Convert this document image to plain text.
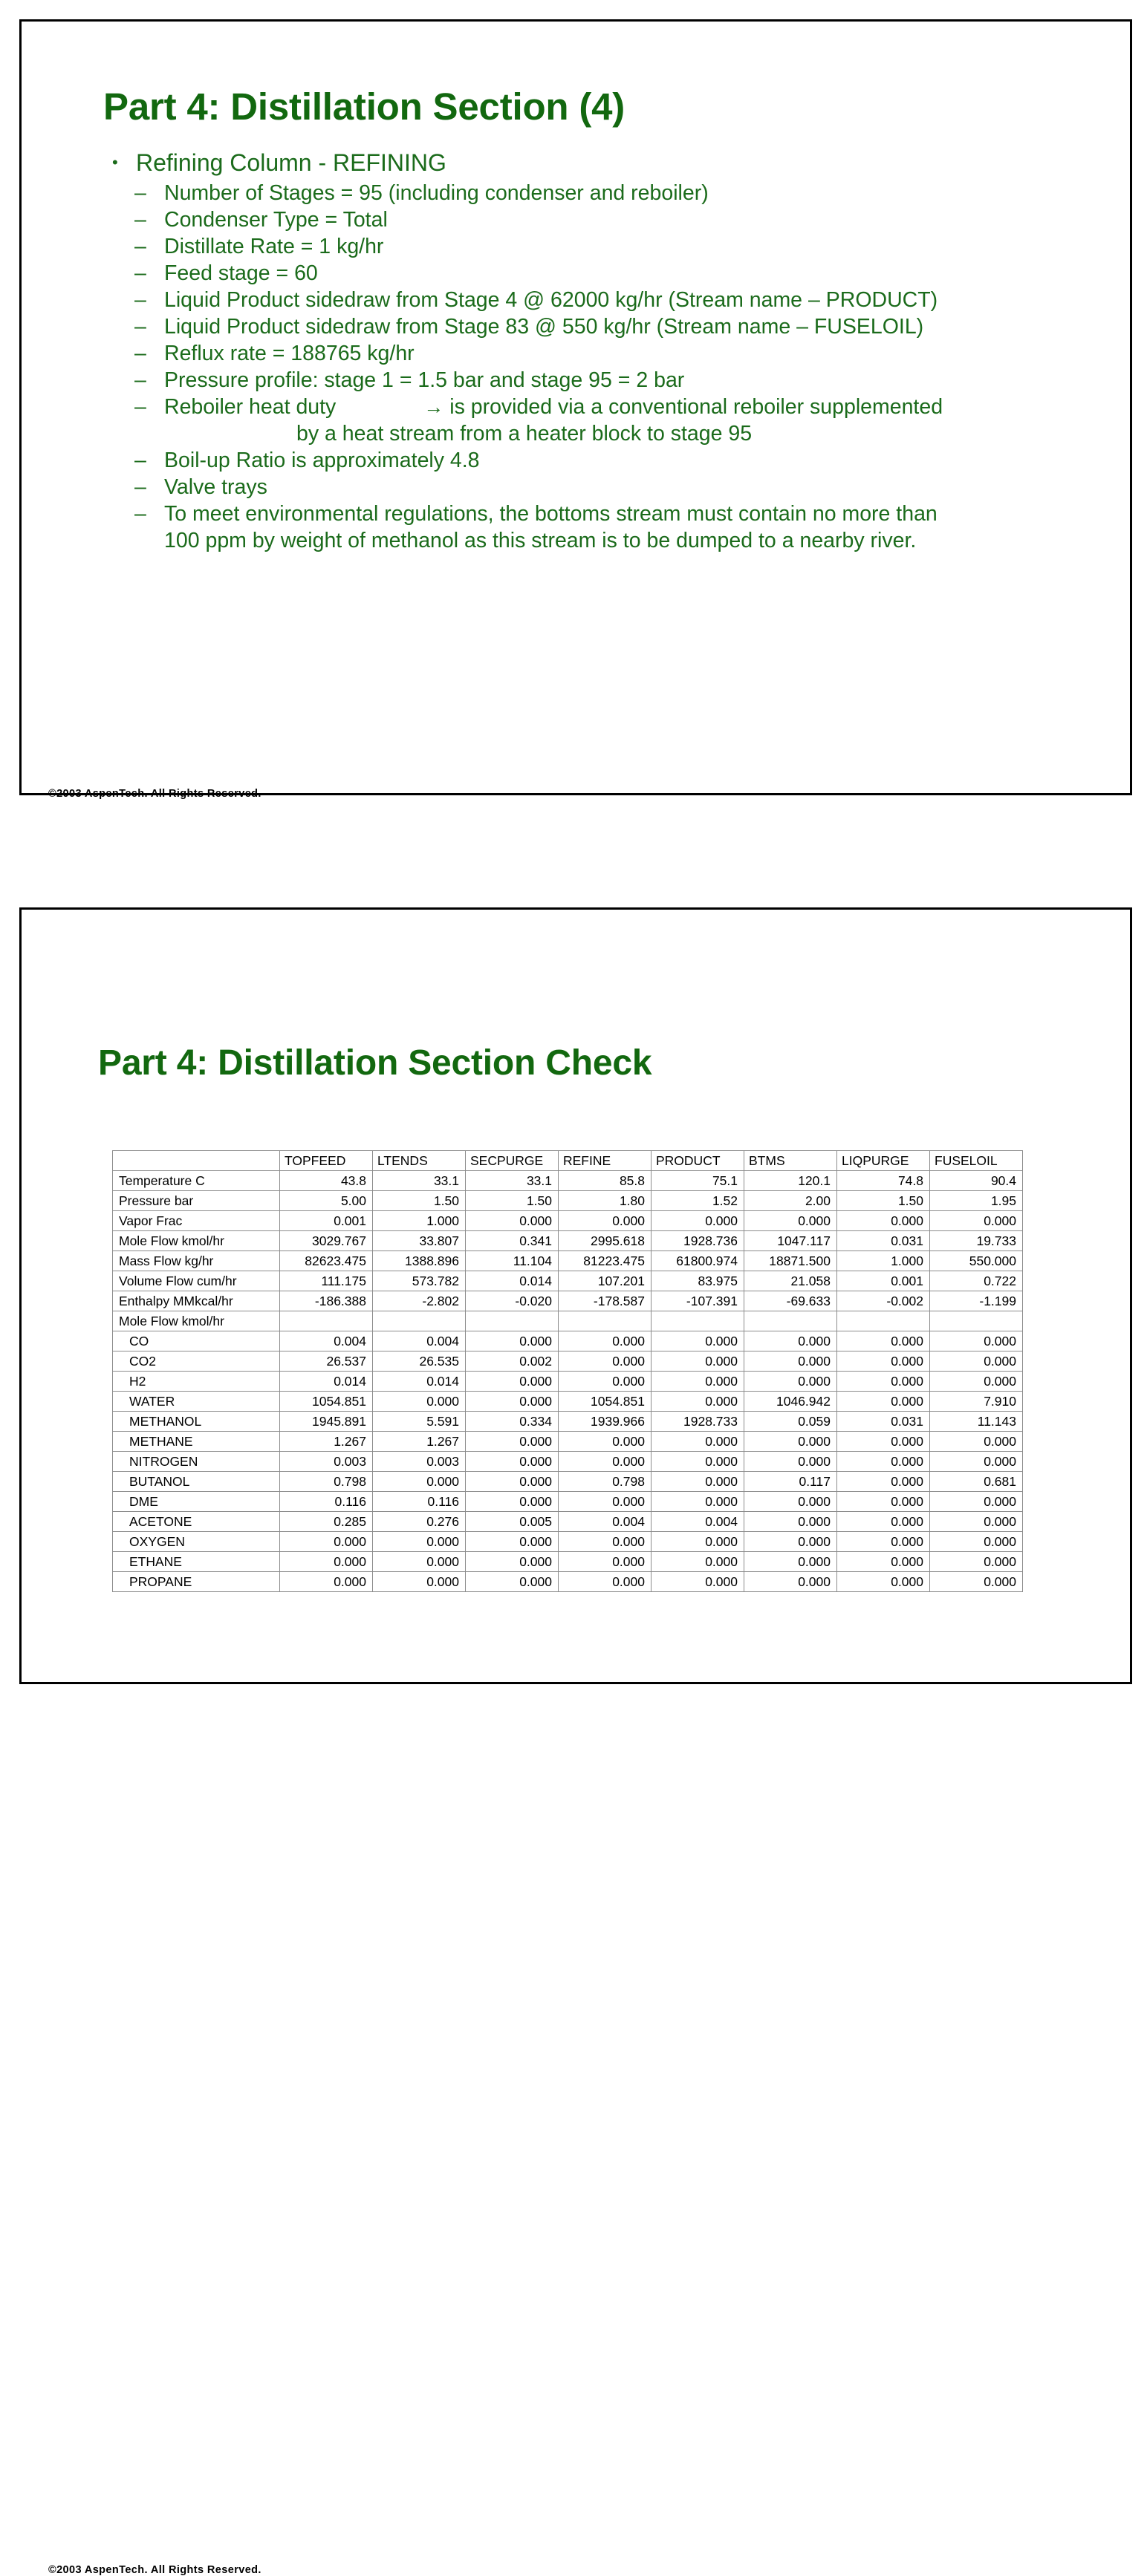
Part 4: Distillation Section (4)
• Refining Column - REFINING
– Number of Stages = 95 (including condenser and reboiler)
– Condenser Type = Total
– Distillate Rate = 1 kg/hr
– Feed stage = 60
– Liquid Product sidedraw from Stage 4 @ 62000 kg/hr (Stream name – PRODUCT)
– Liquid Product sidedraw from Stage 83 @ 550 kg/hr (Stream name – FUSELOIL)
– Reflux rate = 188765 kg/hr
– Pressure profile: stage 1 = 1.5 bar and stage 95 = 2 bar
– Reboiler heat duty	→ is provided via a conventional reboiler supplemented
by a heat stream from a heater block to stage 95
– Boil-up Ratio is approximately 4.8
– Valve trays
– To meet environmental regulations, the bottoms stream must contain no more than
100 ppm by weight of methanol as this stream is to be dumped to a nearby river.
©2003 AspenTech. All Rights Reserved.
©2003 AspenTech. All Rights Reserved.
Part 4: Distillation Section Check
	TOPFEED	LTENDS	SECPURGE	REFINE	PRODUCT	BTMS	LIQPURGE	FUSELOIL
Temperature C	43.8	33.1	33.1	85.8	75.1	120.1	74.8	90.4
Pressure bar	5.00	1.50	1.50	1.80	1.52	2.00	1.50	1.95
Vapor Frac	0.001	1.000	0.000	0.000	0.000	0.000	0.000	0.000
Mole Flow kmol/hr	3029.767	33.807	0.341	2995.618	1928.736	1047.117	0.031	19.733
Mass Flow kg/hr	82623.475	1388.896	11.104	81223.475	61800.974	18871.500	1.000	550.000
Volume Flow cum/hr	111.175	573.782	0.014	107.201	83.975	21.058	0.001	0.722
Enthalpy MMkcal/hr	-186.388	-2.802	-0.020	-178.587	-107.391	-69.633	-0.002	-1.199
Mole Flow kmol/hr								
CO	0.004	0.004	0.000	0.000	0.000	0.000	0.000	0.000
CO2	26.537	26.535	0.002	0.000	0.000	0.000	0.000	0.000
H2	0.014	0.014	0.000	0.000	0.000	0.000	0.000	0.000
WATER	1054.851	0.000	0.000	1054.851	0.000	1046.942	0.000	7.910
METHANOL	1945.891	5.591	0.334	1939.966	1928.733	0.059	0.031	11.143
METHANE	1.267	1.267	0.000	0.000	0.000	0.000	0.000	0.000
NITROGEN	0.003	0.003	0.000	0.000	0.000	0.000	0.000	0.000
BUTANOL	0.798	0.000	0.000	0.798	0.000	0.117	0.000	0.681
DME	0.116	0.116	0.000	0.000	0.000	0.000	0.000	0.000
ACETONE	0.285	0.276	0.005	0.004	0.004	0.000	0.000	0.000
OXYGEN	0.000	0.000	0.000	0.000	0.000	0.000	0.000	0.000
ETHANE	0.000	0.000	0.000	0.000	0.000	0.000	0.000	0.000
PROPANE	0.000	0.000	0.000	0.000	0.000	0.000	0.000	0.000
